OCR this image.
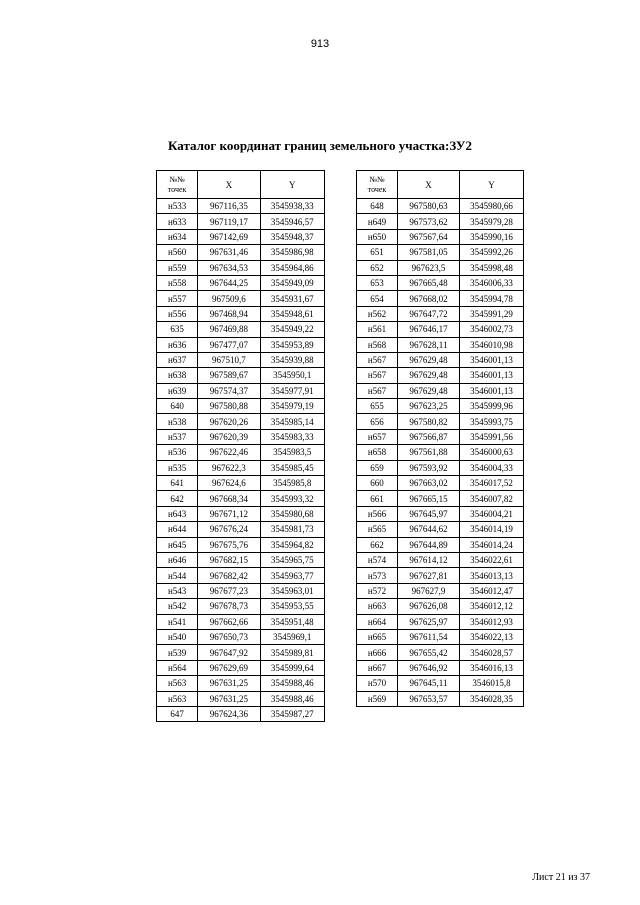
913
Каталог координат границ земельного участка:ЗУ2
№№
точек	X	Y
н533	967116,35	3545938,33
н633	967119,17	3545946,57
н634	967142,69	3545948,37
н560	967631,46	3545986,98
н559	967634,53	3545964,86
н558	967644,25	3545949,09
н557	967509,6	3545931,67
н556	967468,94	3545948,61
635	967469,88	3545949,22
н636	967477,07	3545953,89
н637	967510,7	3545939,88
н638	967589,67	3545950,1
н639	967574,37	3545977,91
640	967580,88	3545979,19
н538	967620,26	3545985,14
н537	967620,39	3545983,33
н536	967622,46	3545983,5
н535	967622,3	3545985,45
641	967624,6	3545985,8
642	967668,34	3545993,32
н643	967671,12	3545980,68
н644	967676,24	3545981,73
н645	967675,76	3545964,82
н646	967682,15	3545965,75
н544	967682,42	3545963,77
н543	967677,23	3545963,01
н542	967678,73	3545953,55
н541	967662,66	3545951,48
н540	967650,73	3545969,1
н539	967647,92	3545989,81
н564	967629,69	3545999,64
н563	967631,25	3545988,46
н563	967631,25	3545988,46
647	967624,36	3545987,27
№№
точек	X	Y
648	967580,63	3545980,66
н649	967573,62	3545979,28
н650	967567,64	3545990,16
651	967581,05	3545992,26
652	967623,5	3545998,48
653	967665,48	3546006,33
654	967668,02	3545994,78
н562	967647,72	3545991,29
н561	967646,17	3546002,73
н568	967628,11	3546010,98
н567	967629,48	3546001,13
н567	967629,48	3546001,13
н567	967629,48	3546001,13
655	967623,25	3545999,96
656	967580,82	3545993,75
н657	967566,87	3545991,56
н658	967561,88	3546000,63
659	967593,92	3546004,33
660	967663,02	3546017,52
661	967665,15	3546007,82
н566	967645,97	3546004,21
н565	967644,62	3546014,19
662	967644,89	3546014,24
н574	967614,12	3546022,61
н573	967627,81	3546013,13
н572	967627,9	3546012,47
н663	967626,08	3546012,12
н664	967625,97	3546012,93
н665	967611,54	3546022,13
н666	967655,42	3546028,57
н667	967646,92	3546016,13
н570	967645,11	3546015,8
н569	967653,57	3546028,35
Лист 21 из 37
